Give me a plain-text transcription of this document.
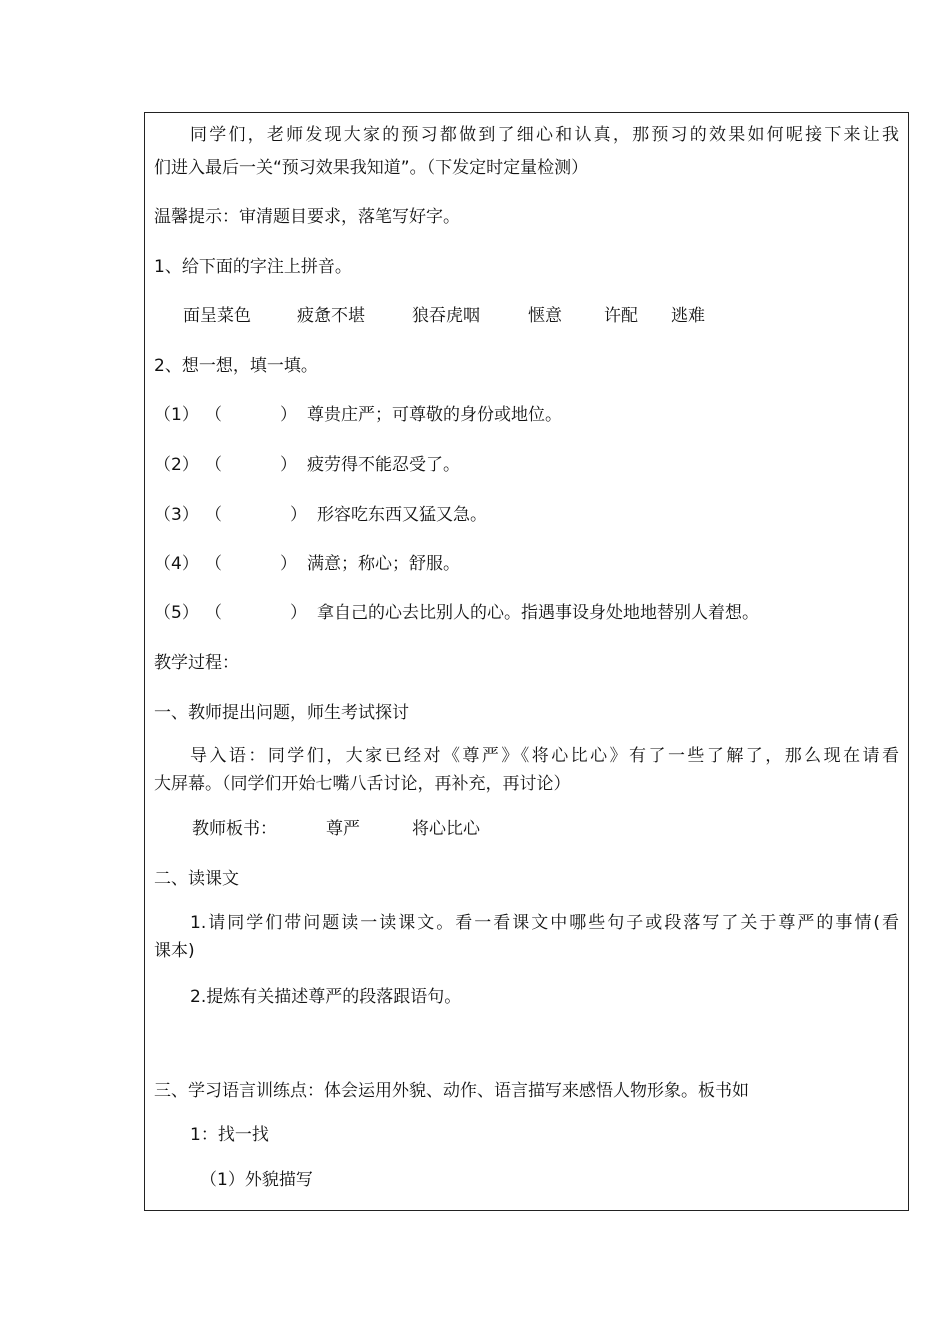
同学们，老师发现大家的预习都做到了细心和认真，那预习的效果如何呢接下来让我
们进入最后一关“预习效果我知道”。（下发定时定量检测）
温馨提示：审清题目要求，落笔写好字。
1、给下面的字注上拼音。
面呈菜色	疲惫不堪	狼吞虎咽	惬意 许配 逃难
2、想一想，填一填。
（1） （	） 尊贵庄严；可尊敬的身份或地位。
（2） （	） 疲劳得不能忍受了。
（3） （	） 形容吃东西又猛又急。
（4） （	） 满意；称心；舒服。
（5） （	） 拿自己的心去比别人的心。指遇事设身处地地替别人着想。
教学过程：
一、教师提出问题，师生考试探讨
导入语：同学们，大家已经对《尊严》《将心比心》有了一些了解了，那么现在请看
大屏幕。（同学们开始七嘴八舌讨论，再补充，再讨论）
教师板书：	尊严	将心比心
二、读课文
1.请同学们带问题读一读课文。看一看课文中哪些句子或段落写了关于尊严的事情(看
课本)
2.提炼有关描述尊严的段落跟语句。
三、学习语言训练点：体会运用外貌、动作、语言描写来感悟人物形象。板书如
1：找一找
（1）外貌描写
